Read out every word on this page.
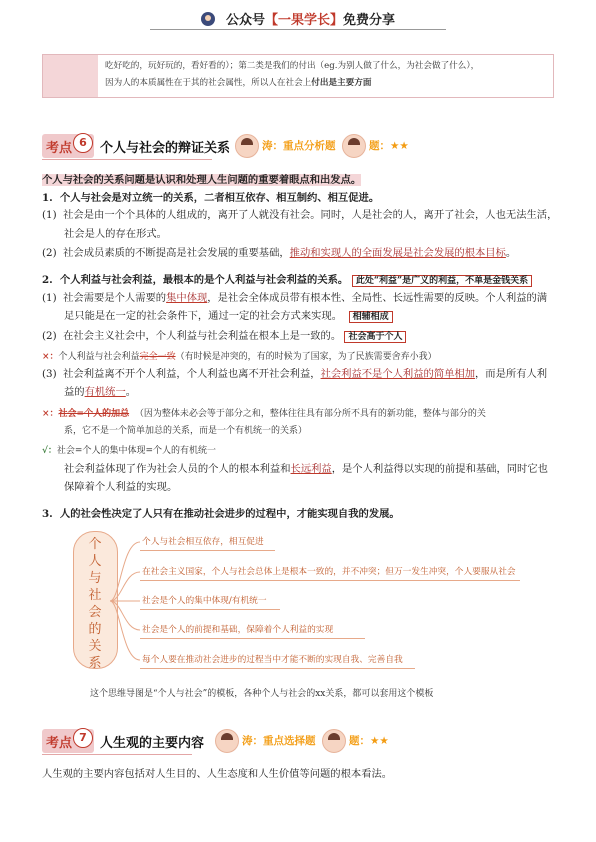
公众号【一果学长】免费分享
吃好吃的，玩好玩的，看好看的）；第二类是我们的付出（eg.为别人做了什么，为社会做了什么），
因为人的本质属性在于其的社会属性，所以人在社会上付出是主要方面
考点 6	个人与社会的辩证关系	涛：重点分析题	题：★★
个人与社会的关系问题是认识和处理人生问题的重要着眼点和出发点。
1. 个人与社会是对立统一的关系，二者相互依存、相互制约、相互促进。
(1) 社会是由一个个具体的人组成的，离开了人就没有社会。同时，人是社会的人，离开了社会，人也无法生活，
社会是人的存在形式。
(2) 社会成员素质的不断提高是社会发展的重要基础，推动和实现人的全面发展是社会发展的根本目标。
2. 个人利益与社会利益，最根本的是个人利益与社会利益的关系。 此处“利益”是广义的利益，不单是金钱关系
(1) 社会需要是个人需要的集中体现，是社会全体成员带有根本性、全局性、长远性需要的反映。个人利益的满
足只能是在一定的社会条件下，通过一定的社会方式来实现。 相辅相成
(2) 在社会主义社会中，个人利益与社会利益在根本上是一致的。 社会高于个人
×：个人利益与社会利益完全一致（有时候是冲突的，有的时候为了国家，为了民族需要舍弃小我）
(3) 社会利益离不开个人利益，个人利益也离不开社会利益，社会利益不是个人利益的简单相加，而是所有人利
益的有机统一。
×：社会=个人的加总 （因为整体未必会等于部分之和，整体往往具有部分所不具有的新功能，整体与部分的关
系，它不是一个简单加总的关系，而是一个有机统一的关系）
√：社会=个人的集中体现=个人的有机统一
社会利益体现了作为社会人员的个人的根本利益和长远利益，是个人利益得以实现的前提和基础，同时它也
保障着个人利益的实现。
3. 人的社会性决定了人只有在推动社会进步的过程中，才能实现自我的发展。
个
人
与
社
会
的
关
系
个人与社会相互依存，相互促进
在社会主义国家，个人与社会总体上是根本一致的，并不冲突；但万一发生冲突，个人要服从社会
社会是个人的集中体现/有机统一
社会是个人的前提和基础，保障着个人利益的实现
每个人要在推动社会进步的过程当中才能不断的实现自我、完善自我
这个思维导图是“个人与社会”的模板，各种个人与社会的xx关系，都可以套用这个模板
考点 7	人生观的主要内容	涛：重点选择题	题：★★
人生观的主要内容包括对人生目的、人生态度和人生价值等问题的根本看法。
